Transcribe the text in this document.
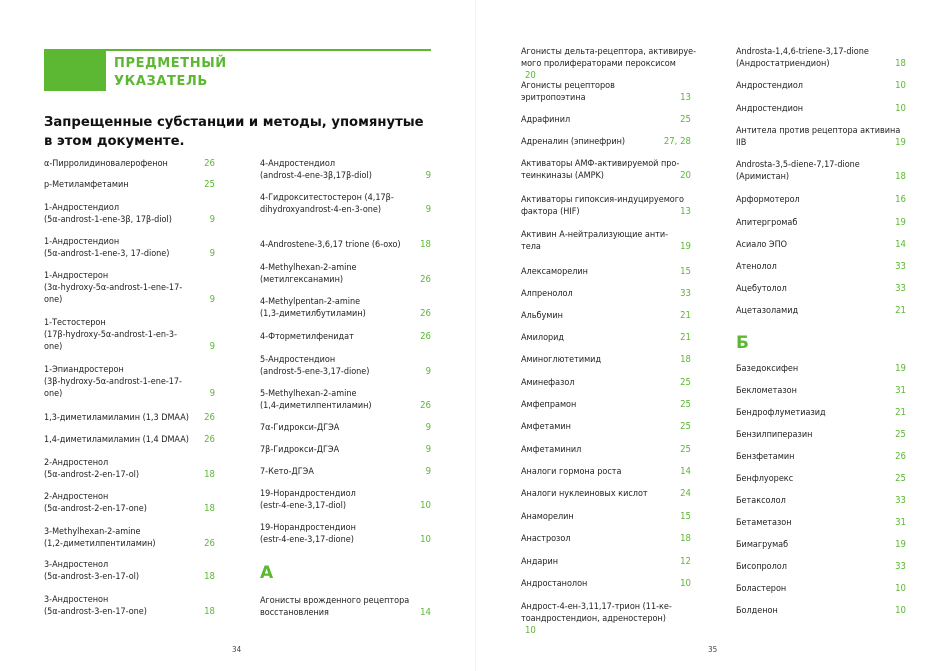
ПРЕДМЕТНЫЙ
УКАЗАТЕЛЬ
Запрещенные субстанции и методы, упомянутые в этом документе.
α-Пирролидиновалерофенон	26
p-Метиламфетамин	25
1-Андростендиол
(5α-androst-1-ene-3β, 17β-diol)	9
1-Андростендион
(5α-androst-1-ene-3, 17-dione)	9
1-Андростерон
(3α-hydroxy-5α-androst-1-ene-17-
one)	9
1-Тестостерон
(17β-hydroxy-5α-androst-1-en-3-
one)	9
1-Эпиандростерон
(3β-hydroxy-5α-androst-1-ene-17-
one)	9
1,3-диметиламиламин (1,3 DMAA)	26
1,4-диметиламиламин (1,4 DMAA)	26
2-Андростенол
(5α-androst-2-en-17-ol)	18
2-Андростенон
(5α-androst-2-en-17-one)	18
3-Methylhexan-2-amine
(1,2-диметилпентиламин)	26
3-Андростенол
(5α-androst-3-en-17-ol)	18
3-Андростенон
(5α-androst-3-en-17-one)	18
4-Андростендиол
(androst-4-ene-3β,17β-diol)	9
4-Гидрокситестостерон (4,17β-
dihydroxyandrost-4-en-3-one)	9
4-Androstene-3,6,17 trione (6-oxo)	18
4-Methylhexan-2-amine
(метилгексанамин)	26
4-Methylpentan-2-amine
(1,3-диметилбутиламин)	26
4-Фторметилфенидат	26
5-Андростендион
(androst-5-ene-3,17-dione)	9
5-Methylhexan-2-amine
(1,4-диметилпентиламин)	26
7α-Гидрокси-ДГЭА	9
7β-Гидрокси-ДГЭА	9
7-Кето-ДГЭА	9
19-Норандростендиол
(estr-4-ene-3,17-diol)	10
19-Норандростендион
(estr-4-ene-3,17-dione)	10
А
Агонисты врожденного рецептора
восстановления	14
34
Агонисты дельта-рецептора, активируе-
мого пролифераторами пероксисом
20
Агонисты рецепторов
эритропоэтина	13
Адрафинил	25
Адреналин (эпинефрин)	27, 28
Активаторы АМФ-активируемой про-
теинкиназы (AMPK)	20
Активаторы гипоксия-индуцируемого
фактора (HIF)	13
Активин А-нейтрализующие анти-
тела	19
Алексаморелин	15
Алпренолол	33
Альбумин	21
Амилорид	21
Аминоглютетимид	18
Аминефазол	25
Амфепрамон	25
Амфетамин	25
Амфетаминил	25
Аналоги гормона роста	14
Аналоги нуклеиновых кислот	24
Анаморелин	15
Анастрозол	18
Андарин	12
Андростанолон	10
Андрост-4-ен-3,11,17-трион (11-ке-
тоандростендион, адреностерон)
10
Androsta-1,4,6-triene-3,17-dione
(Андростатриендион)	18
Андростендиол	10
Андростендион	10
Антитела против рецептора активина
IIB	19
Androsta-3,5-diene-7,17-dione
(Аримистан)	18
Арформотерол	16
Апитергромаб	19
Асиало ЭПО	14
Атенолол	33
Ацебутолол	33
Ацетазоламид	21
Б
Базедоксифен	19
Беклометазон	31
Бендрофлуметиазид	21
Бензилпиперазин	25
Бензфетамин	26
Бенфлуорекс	25
Бетаксолол	33
Бетаметазон	31
Бимагрумаб	19
Бисопролол	33
Боластерон	10
Болденон	10
35
